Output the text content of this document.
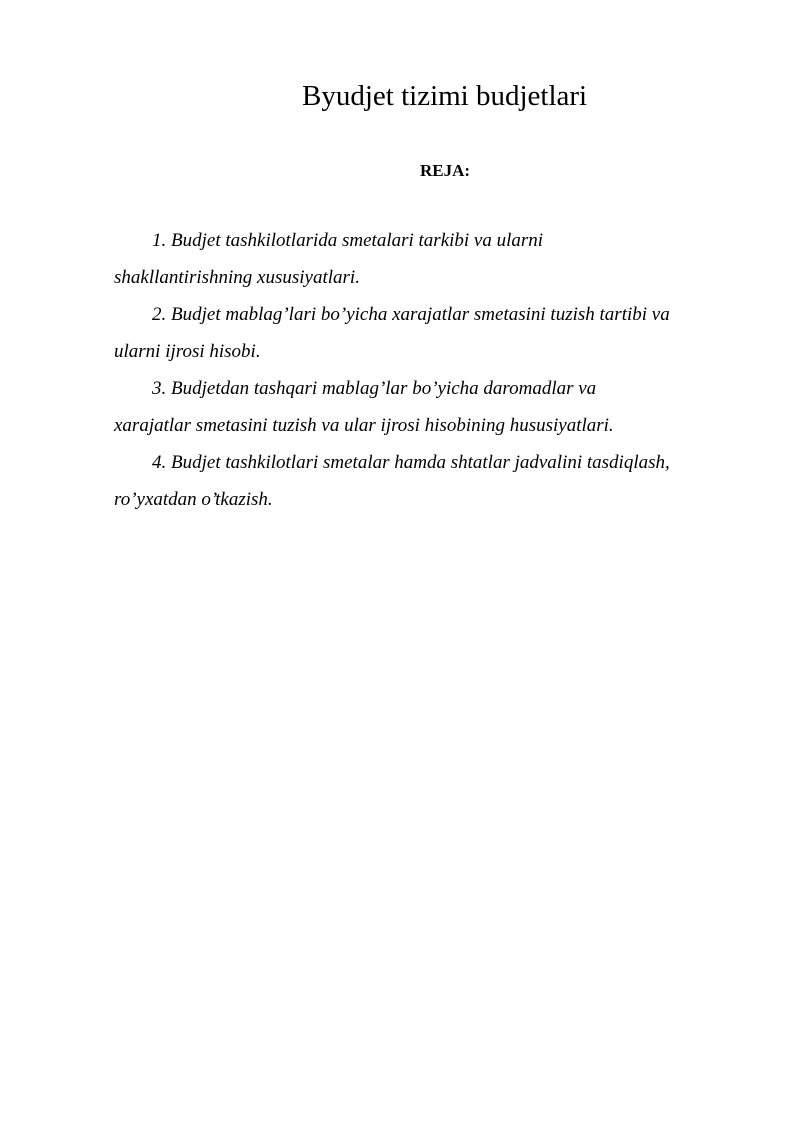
Byudjet tizimi budjetlari
REJA:
1. Budjet tashkilotlarida smetalari tarkibi va ularni
shakllantirishning xususiyatlari.
2. Budjet mablag’lari bo’yicha xarajatlar smetasini tuzish tartibi va
ularni ijrosi hisobi.
3. Budjetdan tashqari mablag’lar bo’yicha daromadlar va
xarajatlar smetasini tuzish va ular ijrosi hisobining hususiyatlari.
4. Budjet tashkilotlari smetalar hamda shtatlar jadvalini tasdiqlash,
ro’yxatdan o’tkazish.
